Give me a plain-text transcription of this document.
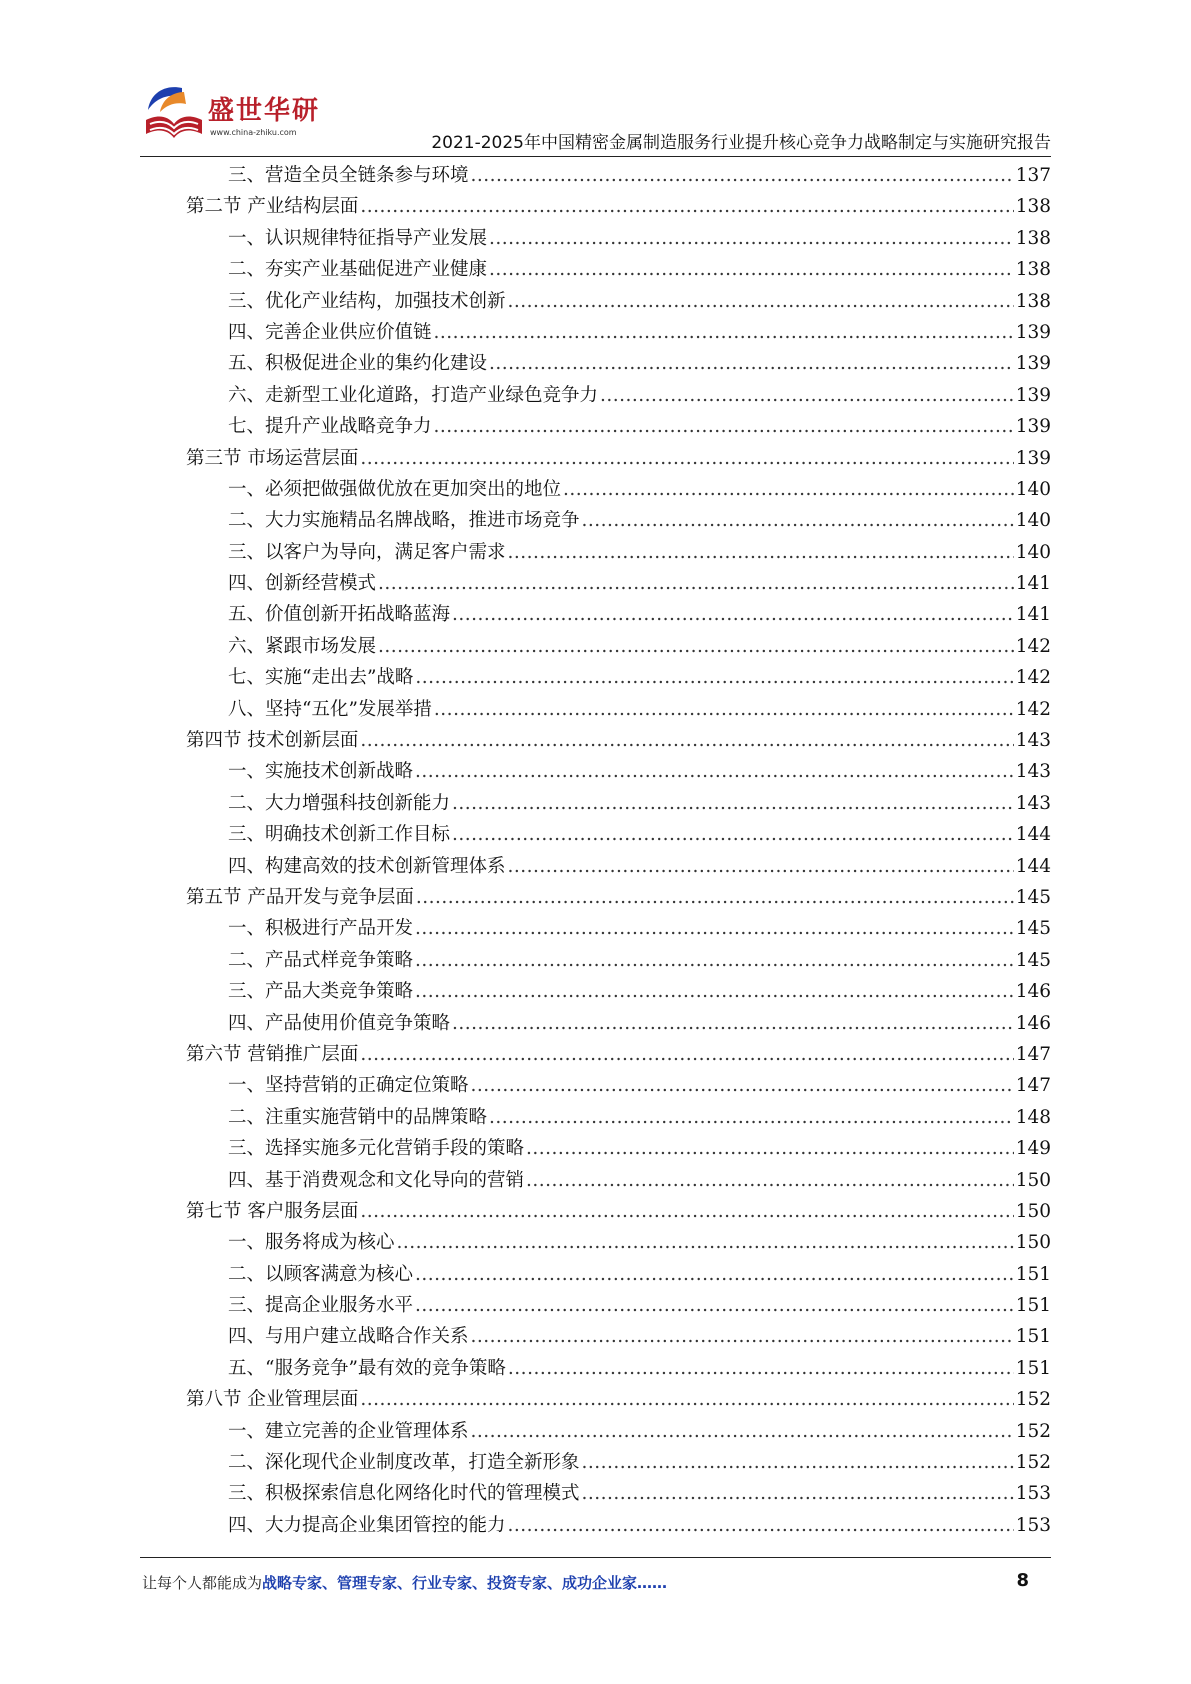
盛世华研
www.china-zhiku.com
2021-2025年中国精密金属制造服务行业提升核心竞争力战略制定与实施研究报告
三、营造全员全链条参与环境 .....	137
第二节 产业结构层面 .....	138
一、认识规律特征指导产业发展 .....	138
二、夯实产业基础促进产业健康 .....	138
三、优化产业结构，加强技术创新 .....	138
四、完善企业供应价值链 .....	139
五、积极促进企业的集约化建设 .....	139
六、走新型工业化道路，打造产业绿色竞争力 .....	139
七、提升产业战略竞争力 .....	139
第三节 市场运营层面 .....	139
一、必须把做强做优放在更加突出的地位 .....	140
二、大力实施精品名牌战略，推进市场竞争 .....	140
三、以客户为导向，满足客户需求 .....	140
四、创新经营模式 .....	141
五、价值创新开拓战略蓝海 .....	141
六、紧跟市场发展 .....	142
七、实施“走出去”战略 .....	142
八、坚持“五化”发展举措 .....	142
第四节 技术创新层面 .....	143
一、实施技术创新战略 .....	143
二、大力增强科技创新能力 .....	143
三、明确技术创新工作目标 .....	144
四、构建高效的技术创新管理体系 .....	144
第五节 产品开发与竞争层面 .....	145
一、积极进行产品开发 .....	145
二、产品式样竞争策略 .....	145
三、产品大类竞争策略 .....	146
四、产品使用价值竞争策略 .....	146
第六节 营销推广层面 .....	147
一、坚持营销的正确定位策略 .....	147
二、注重实施营销中的品牌策略 .....	148
三、选择实施多元化营销手段的策略 .....	149
四、基于消费观念和文化导向的营销 .....	150
第七节 客户服务层面 .....	150
一、服务将成为核心 .....	150
二、以顾客满意为核心 .....	151
三、提高企业服务水平 .....	151
四、与用户建立战略合作关系 .....	151
五、“服务竞争”最有效的竞争策略 .....	151
第八节 企业管理层面 .....	152
一、建立完善的企业管理体系 .....	152
二、深化现代企业制度改革，打造全新形象 .....	152
三、积极探索信息化网络化时代的管理模式 .....	153
四、大力提高企业集团管控的能力 .....	153
让每个人都能成为战略专家、管理专家、行业专家、投资专家、成功企业家……	8
